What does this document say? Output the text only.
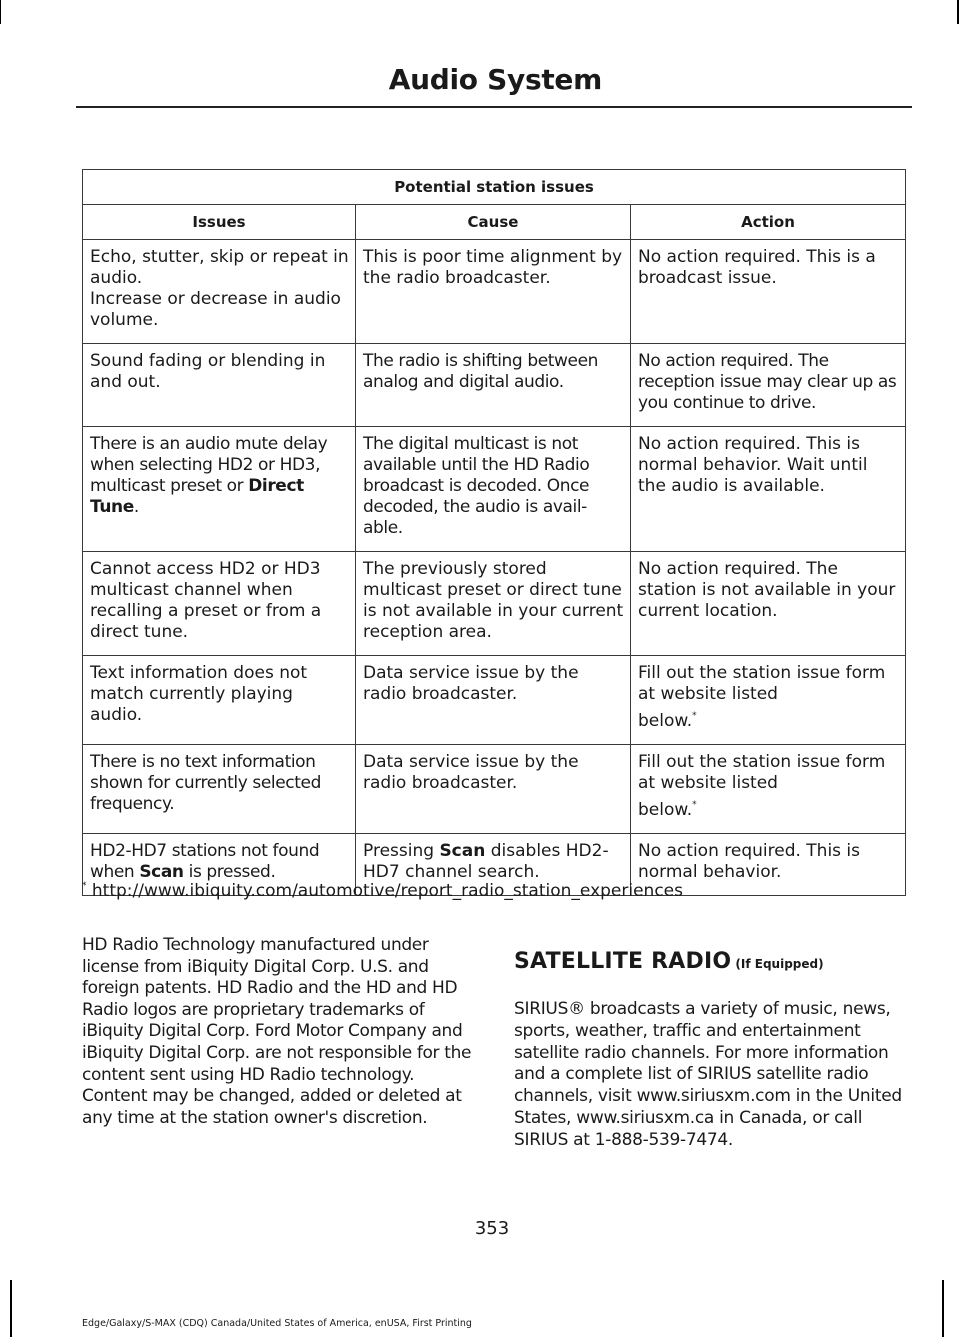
Audio System
Potential station issues		
Issues	Cause	Action

Echo, stutter, skip or repeat in audio.
Increase or decrease in audio volume.	This is poor time alignment by the radio broadcaster.	No action required. This is a broadcast issue.
Sound fading or blending in and out.	The radio is shifting between analog and digital audio.	No action required. The reception issue may clear up as you continue to drive.
There is an audio mute delay when selecting HD2 or HD3, multicast preset or Direct Tune.	The digital multicast is not available until the HD Radio broadcast is decoded. Once decoded, the audio is avail-able.	No action required. This is normal behavior. Wait until the audio is available.
Cannot access HD2 or HD3 multicast channel when recalling a preset or from a direct tune.	The previously stored multicast preset or direct tune is not available in your current reception area.	No action required. The station is not available in your current location.
Text information does not match currently playing audio.	Data service issue by the radio broadcaster.	Fill out the station issue form at website listed
below.*

There is no text information shown for currently selected frequency.	Data service issue by the radio broadcaster.	Fill out the station issue form at website listed
below.*

HD2-HD7 stations not found when Scan is pressed.	Pressing Scan disables HD2-HD7 channel search.	No action required. This is normal behavior.
* http://www.ibiquity.com/automotive/report_radio_station_experiences
HD Radio Technology manufactured under license from iBiquity Digital Corp. U.S. and foreign patents. HD Radio and the HD and HD Radio logos are proprietary trademarks of iBiquity Digital Corp. Ford Motor Company and iBiquity Digital Corp. are not responsible for the content sent using HD Radio technology. Content may be changed, added or deleted at any time at the station owner's discretion.
SATELLITE RADIO (If Equipped)
SIRIUS® broadcasts a variety of music, news, sports, weather, traffic and entertainment satellite radio channels. For more information and a complete list of SIRIUS satellite radio channels, visit www.siriusxm.com in the United States, www.siriusxm.ca in Canada, or call SIRIUS at 1-888-539-7474.
353
Edge/Galaxy/S-MAX (CDQ) Canada/United States of America, enUSA, First Printing
